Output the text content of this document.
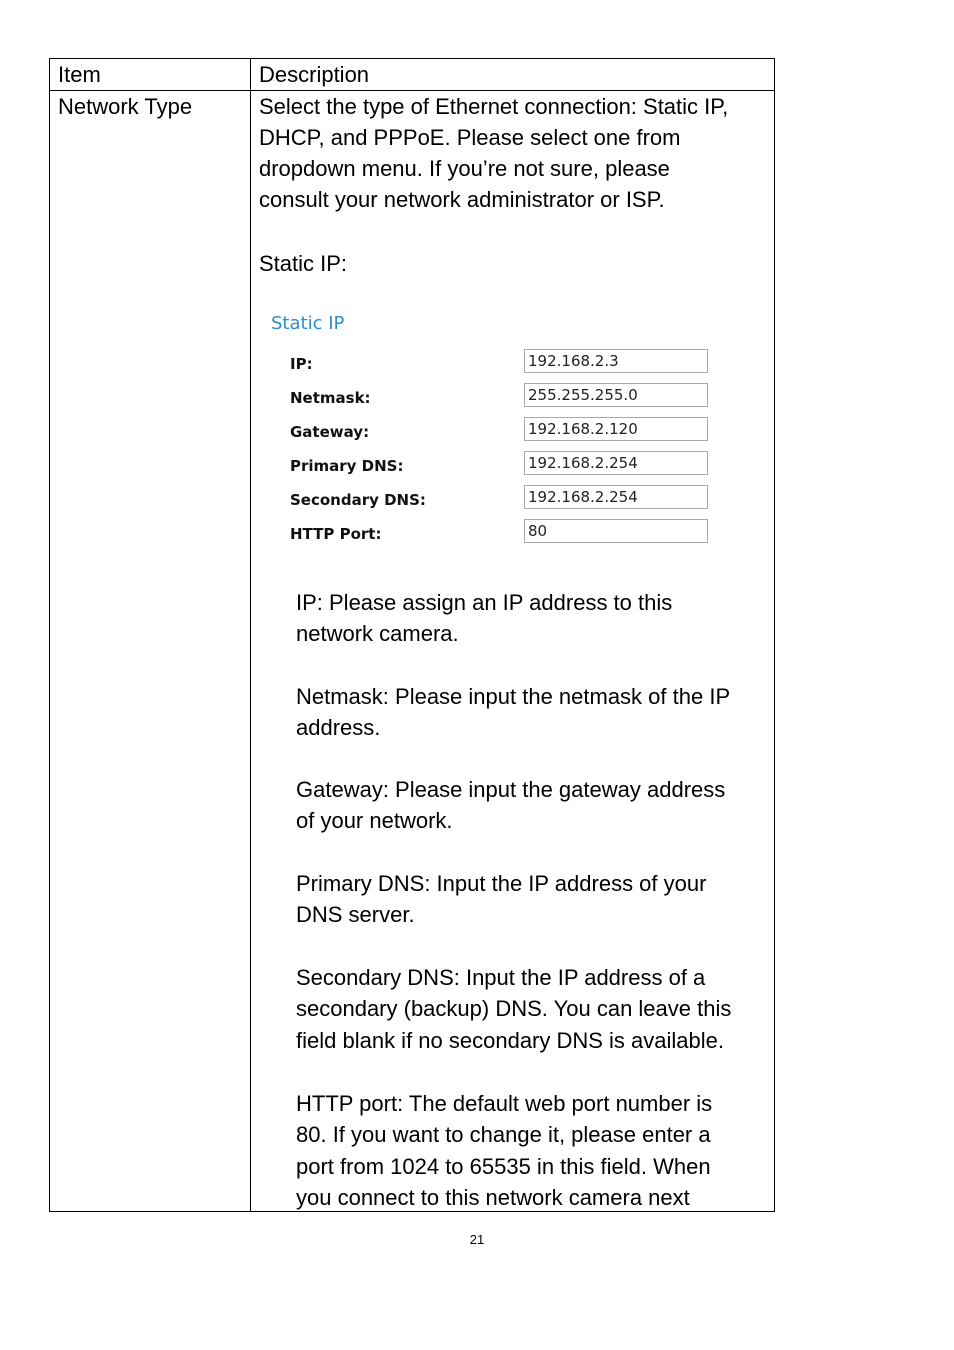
Item	Description
Network Type	Select the type of Ethernet connection: Static IP,
DHCP, and PPPoE. Please select one from
dropdown menu. If you’re not sure, please
consult your network administrator or ISP.
Static IP:
Static IP
IP:	192.168.2.3
Netmask:	255.255.255.0
Gateway:	192.168.2.120
Primary DNS:	192.168.2.254
Secondary DNS:	192.168.2.254
HTTP Port:	80
IP: Please assign an IP address to this
network camera.
Netmask: Please input the netmask of the IP
address.
Gateway: Please input the gateway address
of your network.
Primary DNS: Input the IP address of your
DNS server.
Secondary DNS: Input the IP address of a
secondary (backup) DNS. You can leave this
field blank if no secondary DNS is available.
HTTP port: The default web port number is
80. If you want to change it, please enter a
port from 1024 to 65535 in this field. When
you connect to this network camera next
21
